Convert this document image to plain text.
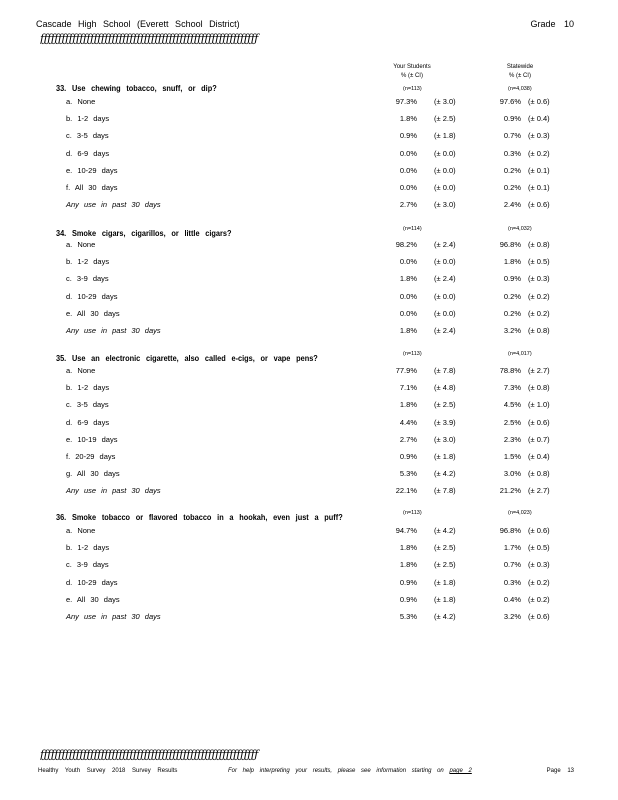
Cascade High School (Everett School District)	Grade 10
ƒƒƒƒƒƒƒƒƒƒƒƒƒƒƒƒƒƒƒƒƒƒƒƒƒƒƒƒƒƒƒƒƒƒƒƒƒƒƒƒƒƒƒƒƒƒƒƒƒƒƒƒƒƒƒƒƒƒƒƒƒ
Your Students
% (± CI)
Statewide
% (± CI)
33. Use chewing tobacco, snuff, or dip?	(n=113)	(n=4,038)
a. None	97.3% (± 3.0)	97.6% (± 0.6)
b. 1-2 days	1.8% (± 2.5)	0.9% (± 0.4)
c. 3-5 days	0.9% (± 1.8)	0.7% (± 0.3)
d. 6-9 days	0.0% (± 0.0)	0.3% (± 0.2)
e. 10-29 days	0.0% (± 0.0)	0.2% (± 0.1)
f. All 30 days	0.0% (± 0.0)	0.2% (± 0.1)
Any use in past 30 days	2.7% (± 3.0)	2.4% (± 0.6)
34. Smoke cigars, cigarillos, or little cigars?	(n=114)	(n=4,032)
a. None	98.2% (± 2.4)	96.8% (± 0.8)
b. 1-2 days	0.0% (± 0.0)	1.8% (± 0.5)
c. 3-9 days	1.8% (± 2.4)	0.9% (± 0.3)
d. 10-29 days	0.0% (± 0.0)	0.2% (± 0.2)
e. All 30 days	0.0% (± 0.0)	0.2% (± 0.2)
Any use in past 30 days	1.8% (± 2.4)	3.2% (± 0.8)
35. Use an electronic cigarette, also called e-cigs, or vape pens?	(n=113)	(n=4,017)
a. None	77.9% (± 7.8)	78.8% (± 2.7)
b. 1-2 days	7.1% (± 4.8)	7.3% (± 0.8)
c. 3-5 days	1.8% (± 2.5)	4.5% (± 1.0)
d. 6-9 days	4.4% (± 3.9)	2.5% (± 0.6)
e. 10-19 days	2.7% (± 3.0)	2.3% (± 0.7)
f. 20-29 days	0.9% (± 1.8)	1.5% (± 0.4)
g. All 30 days	5.3% (± 4.2)	3.0% (± 0.8)
Any use in past 30 days	22.1% (± 7.8)	21.2% (± 2.7)
36. Smoke tobacco or flavored tobacco in a hookah, even just a puff?	(n=113)	(n=4,023)
a. None	94.7% (± 4.2)	96.8% (± 0.6)
b. 1-2 days	1.8% (± 2.5)	1.7% (± 0.5)
c. 3-9 days	1.8% (± 2.5)	0.7% (± 0.3)
d. 10-29 days	0.9% (± 1.8)	0.3% (± 0.2)
e. All 30 days	0.9% (± 1.8)	0.4% (± 0.2)
Any use in past 30 days	5.3% (± 4.2)	3.2% (± 0.6)
ƒƒƒƒƒƒƒƒƒƒƒƒƒƒƒƒƒƒƒƒƒƒƒƒƒƒƒƒƒƒƒƒƒƒƒƒƒƒƒƒƒƒƒƒƒƒƒƒƒƒƒƒƒƒƒƒƒƒƒƒƒ
Healthy Youth Survey 2018 Survey Results	For help interpreting your results, please see information starting on page 2	Page 13
